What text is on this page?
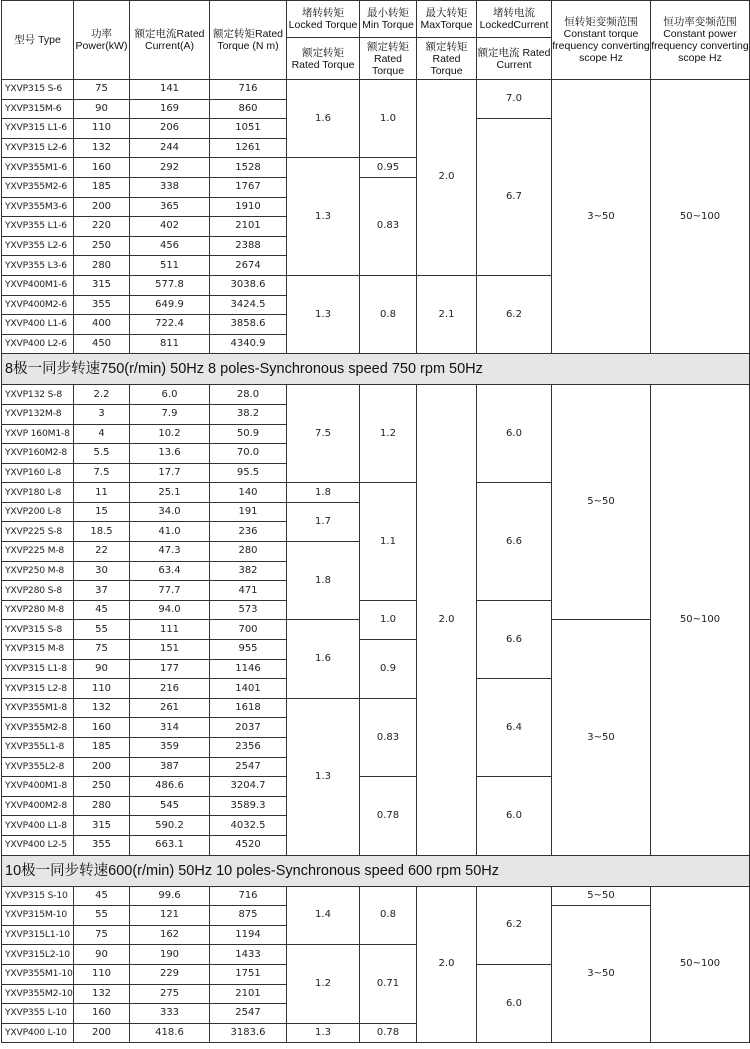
型号 Type	功率 Power(kW)	额定电流Rated Current(A)	额定转矩Rated Torque (N m)	堵转转矩 Locked Torque	最小转矩 Min Torque	最大转矩 MaxTorque	堵转电流 LockedCurrent	恒转矩变频范围 Constant torque frequency converting scope Hz	恒功率变频范围 Constant power frequency converting scope Hz
				额定转矩 Rated Torque	额定转矩 Rated Torque	额定转矩 Rated Torque	额定电流 Rated Current		
YXVP315 S-6	75	141	716	1.6	1.0	2.0	7.0	3~50	50~100
YXVP315M-6	90	169	860						
YXVP315 L1-6	110	206	1051				6.7		
YXVP315 L2-6	132	244	1261						
YXVP355M1-6	160	292	1528	1.3	0.95				
YXVP355M2-6	185	338	1767		0.83				
YXVP355M3-6	200	365	1910						
YXVP355 L1-6	220	402	2101						
YXVP355 L2-6	250	456	2388						
YXVP355 L3-6	280	511	2674						
YXVP400M1-6	315	577.8	3038.6	1.3	0.8	2.1	6.2		
YXVP400M2-6	355	649.9	3424.5						
YXVP400 L1-6	400	722.4	3858.6						
YXVP400 L2-6	450	811	4340.9						
8极一同步转速750(r/min) 50Hz 8 poles-Synchronous speed 750 rpm 50Hz									
YXVP132 S-8	2.2	6.0	28.0	7.5	1.2	2.0	6.0	5~50	50~100
YXVP132M-8	3	7.9	38.2						
YXVP 160M1-8	4	10.2	50.9						
YXVP160M2-8	5.5	13.6	70.0						
YXVP160 L-8	7.5	17.7	95.5						
YXVP180 L-8	11	25.1	140	1.8	1.1		6.6		
YXVP200 L-8	15	34.0	191	1.7					
YXVP225 S-8	18.5	41.0	236						
YXVP225 M-8	22	47.3	280	1.8					
YXVP250 M-8	30	63.4	382						
YXVP280 S-8	37	77.7	471						
YXVP280 M-8	45	94.0	573		1.0		6.6		
YXVP315 S-8	55	111	700	1.6				3~50	
YXVP315 M-8	75	151	955		0.9				
YXVP315 L1-8	90	177	1146						
YXVP315 L2-8	110	216	1401				6.4		
YXVP355M1-8	132	261	1618	1.3	0.83				
YXVP355M2-8	160	314	2037						
YXVP355L1-8	185	359	2356						
YXVP355L2-8	200	387	2547						
YXVP400M1-8	250	486.6	3204.7		0.78		6.0		
YXVP400M2-8	280	545	3589.3						
YXVP400 L1-8	315	590.2	4032.5						
YXVP400 L2-5	355	663.1	4520						
10极一同步转速600(r/min) 50Hz 10 poles-Synchronous speed 600 rpm 50Hz									
YXVP315 S-10	45	99.6	716	1.4	0.8	2.0	6.2	5~50	50~100
YXVP315M-10	55	121	875					3~50	
YXVP315L1-10	75	162	1194						
YXVP315L2-10	90	190	1433	1.2	0.71				
YXVP355M1-10	110	229	1751				6.0		
YXVP355M2-10	132	275	2101						
YXVP355 L-10	160	333	2547						
YXVP400 L-10	200	418.6	3183.6	1.3	0.78				
